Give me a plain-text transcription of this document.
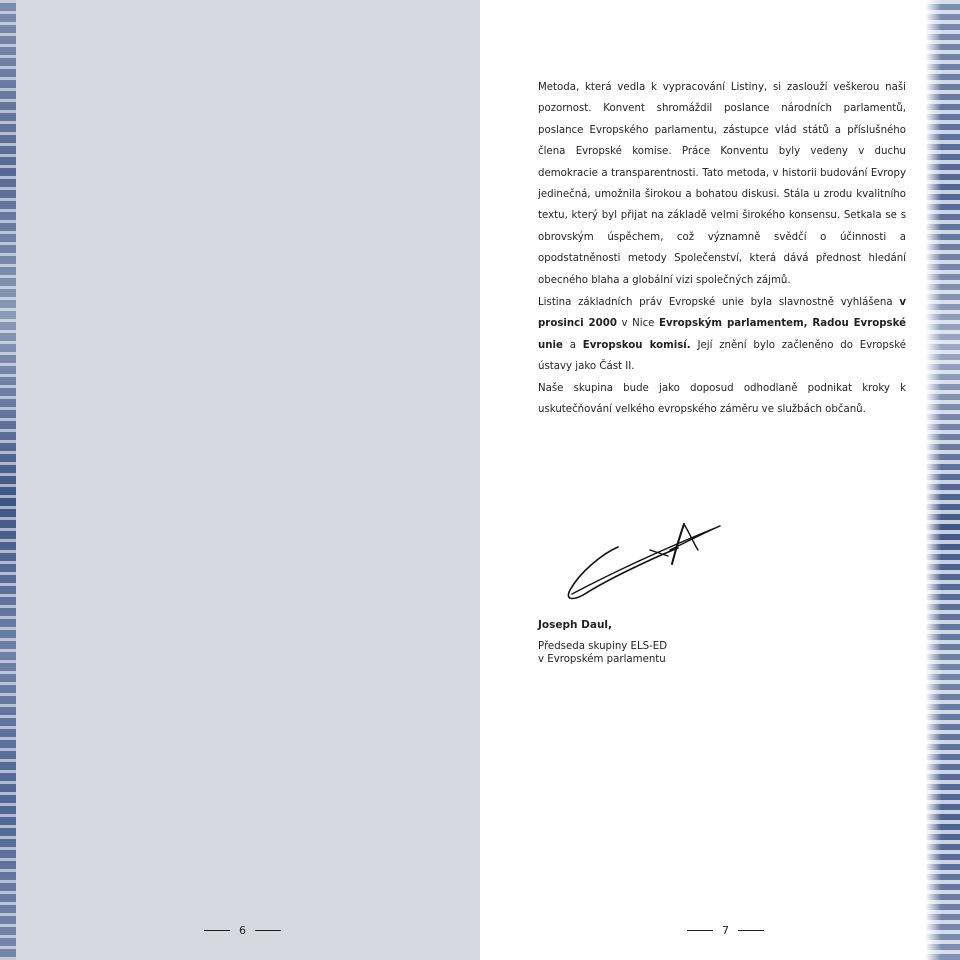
Metoda, která vedla k vypracování Listiny, si zaslouží veškerou naši pozornost. Konvent shromáždil poslance národních parlamentů, poslance Evropského parlamentu, zástupce vlád států a příslušného člena Evropské komise. Práce Konventu byly vedeny v duchu demokracie a transparentnosti. Tato metoda, v historii budování Evropy jedinečná, umožnila širokou a bohatou diskusi. Stála u zrodu kvalitního textu, který byl přijat na základě velmi širokého konsensu. Setkala se s obrovským úspěchem, což významně svědčí o účinnosti a opodstatněnosti metody Společenství, která dává přednost hledání obecného blaha a globální vizi společných zájmů.

Listina základních práv Evropské unie byla slavnostně vyhlášena v prosinci 2000 v Nice Evropským parlamentem, Radou Evropské unie a Evropskou komisí. Její znění bylo začleněno do Evropské ústavy jako Část II.

Naše skupina bude jako doposud odhodlaně podnikat kroky k uskutečňování velkého evropského záměru ve službách občanů.

Joseph Daul,

Předseda skupiny ELS-ED
v Evropském parlamentu

6	7
